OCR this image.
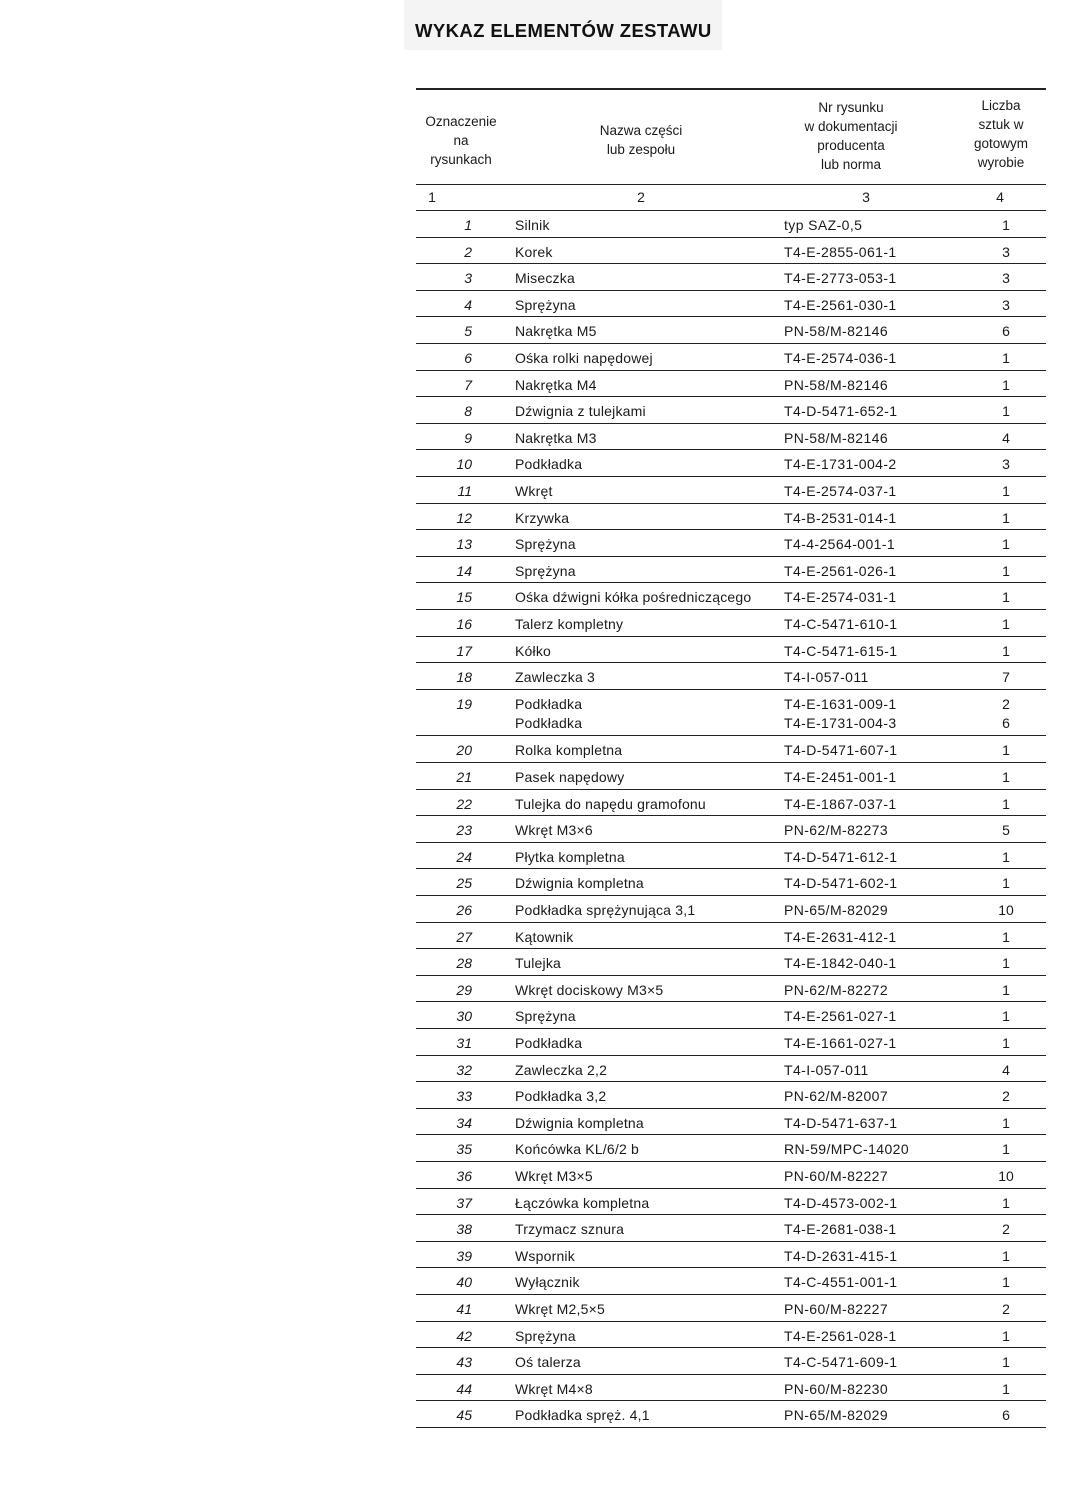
WYKAZ ELEMENTÓW ZESTAWU
Oznaczenie
na
rysunkach
Nazwa części
lub zespołu
Nr rysunku
w dokumentacji
producenta
lub norma
Liczba
sztuk w
gotowym
wyrobie
1	2	3	4
1	Silnik	typ SAZ-0,5	1
2	Korek	T4-E-2855-061-1	3
3	Miseczka	T4-E-2773-053-1	3
4	Sprężyna	T4-E-2561-030-1	3
5	Nakrętka M5	PN-58/M-82146	6
6	Ośka rolki napędowej	T4-E-2574-036-1	1
7	Nakrętka M4	PN-58/M-82146	1
8	Dźwignia z tulejkami	T4-D-5471-652-1	1
9	Nakrętka M3	PN-58/M-82146	4
10	Podkładka	T4-E-1731-004-2	3
11	Wkręt	T4-E-2574-037-1	1
12	Krzywka	T4-B-2531-014-1	1
13	Sprężyna	T4-4-2564-001-1	1
14	Sprężyna	T4-E-2561-026-1	1
15	Ośka dźwigni kółka pośredniczącego T4-E-2574-031-1	1
16	Talerz kompletny	T4-C-5471-610-1	1
17	Kółko	T4-C-5471-615-1	1
18	Zawleczka 3	T4-I-057-011	7
19	Podkładka	T4-E-1631-009-1	2
Podkładka	T4-E-1731-004-3	6
20	Rolka kompletna	T4-D-5471-607-1	1
21	Pasek napędowy	T4-E-2451-001-1	1
22	Tulejka do napędu gramofonu	T4-E-1867-037-1	1
23	Wkręt M3×6	PN-62/M-82273	5
24	Płytka kompletna	T4-D-5471-612-1	1
25	Dźwignia kompletna	T4-D-5471-602-1	1
26	Podkładka sprężynująca 3,1	PN-65/M-82029	10
27	Kątownik	T4-E-2631-412-1	1
28	Tulejka	T4-E-1842-040-1	1
29	Wkręt dociskowy M3×5	PN-62/M-82272	1
30	Sprężyna	T4-E-2561-027-1	1
31	Podkładka	T4-E-1661-027-1	1
32	Zawleczka 2,2	T4-I-057-011	4
33	Podkładka 3,2	PN-62/M-82007	2
34	Dźwignia kompletna	T4-D-5471-637-1	1
35	Końcówka KL/6/2 b	RN-59/MPC-14020	1
36	Wkręt M3×5	PN-60/M-82227	10
37	Łączówka kompletna	T4-D-4573-002-1	1
38	Trzymacz sznura	T4-E-2681-038-1	2
39	Wspornik	T4-D-2631-415-1	1
40	Wyłącznik	T4-C-4551-001-1	1
41	Wkręt M2,5×5	PN-60/M-82227	2
42	Sprężyna	T4-E-2561-028-1	1
43	Oś talerza	T4-C-5471-609-1	1
44	Wkręt M4×8	PN-60/M-82230	1
45	Podkładka spręż. 4,1	PN-65/M-82029	6
